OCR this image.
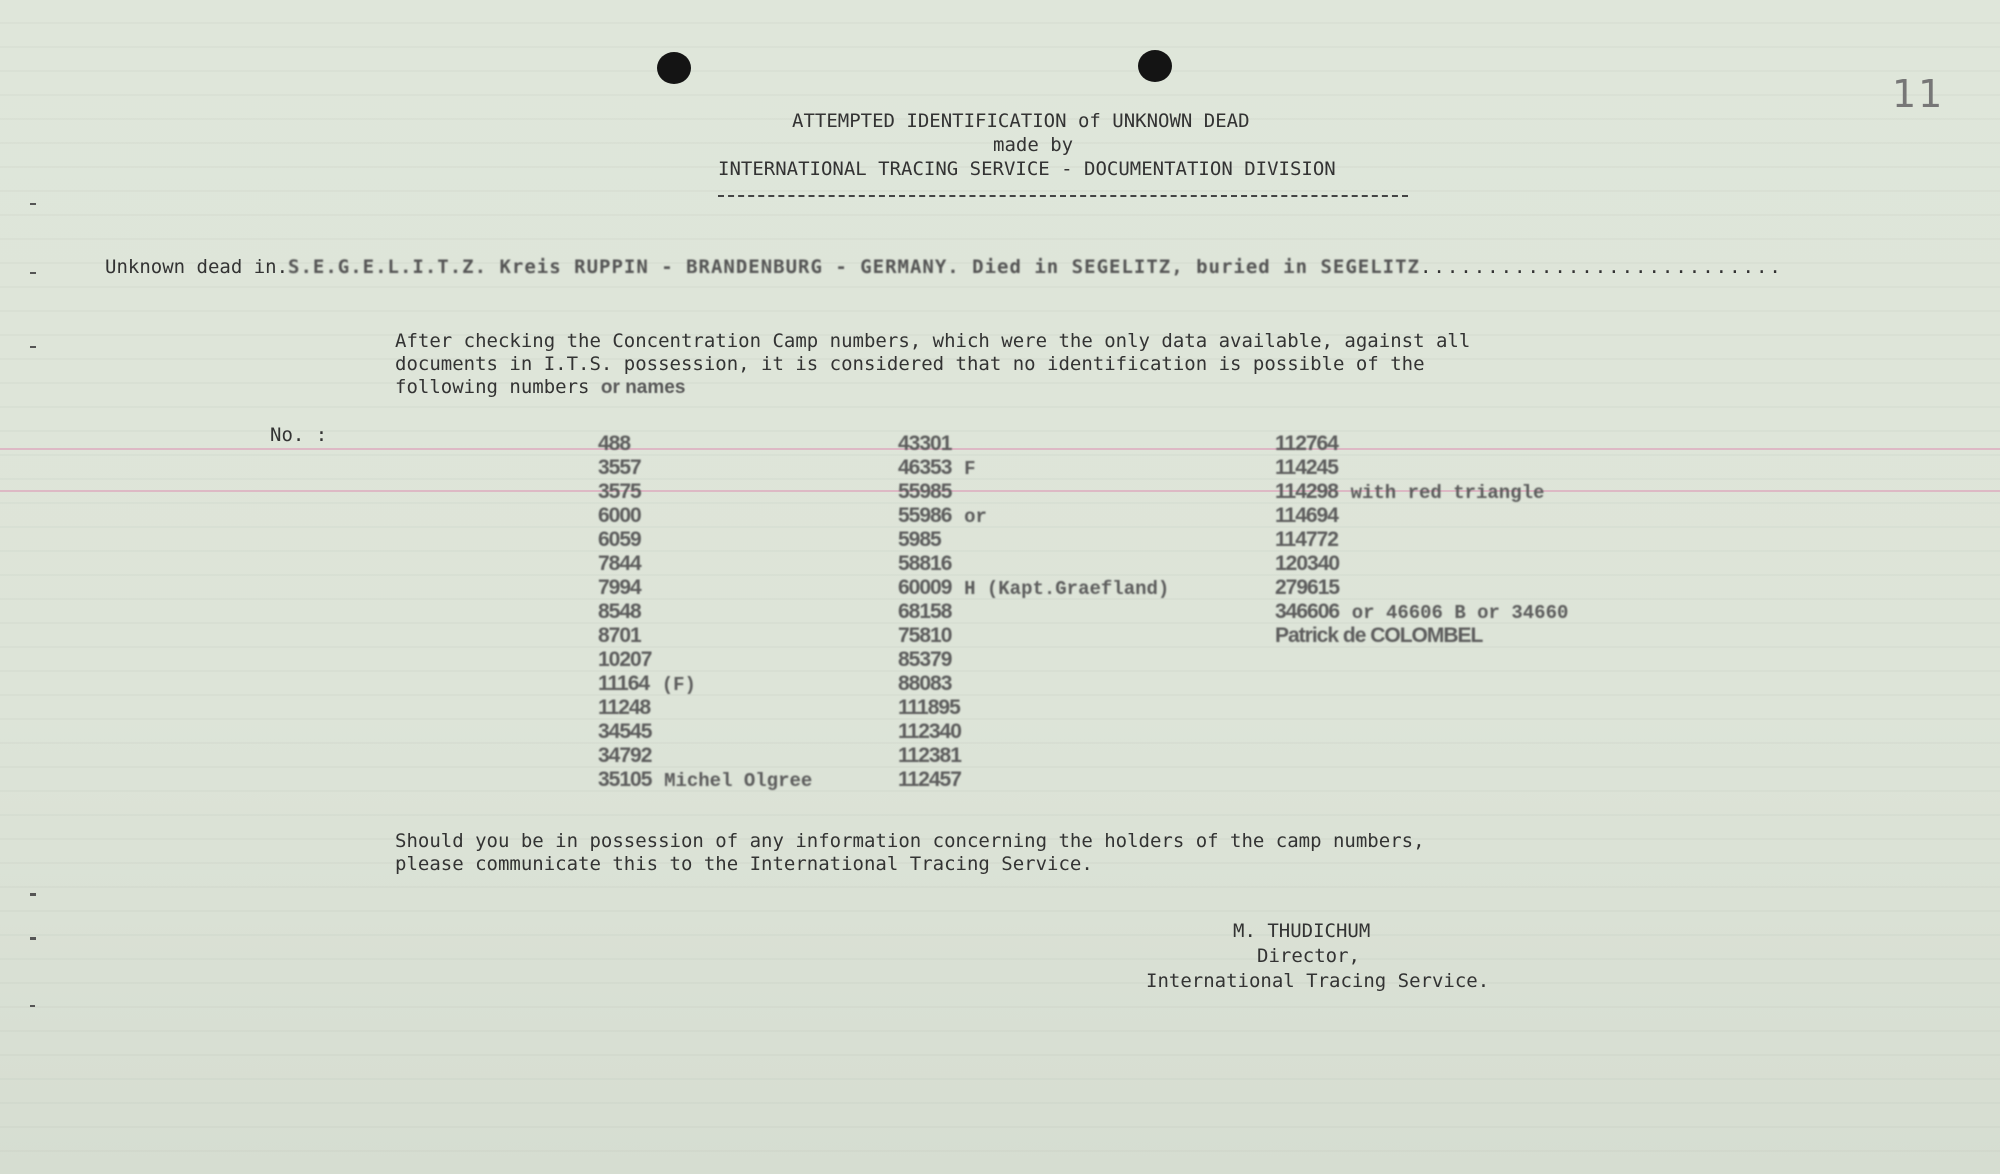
11
ATTEMPTED IDENTIFICATION of UNKNOWN DEAD
made by
INTERNATIONAL TRACING SERVICE - DOCUMENTATION DIVISION
Unknown dead in.S.E.G.E.L.I.T.Z. Kreis RUPPIN - BRANDENBURG - GERMANY. Died in SEGELITZ, buried in SEGELITZ...........................
After checking the Concentration Camp numbers, which were the only data available, against all
documents in I.T.S. possession, it is considered that no identification is possible of the
following numbers or names
No. :	488
3557
3575
6000
6059
7844
7994
8548
8701
10207
11164 (F)
11248
34545
34792
35105 Michel Olgree
43301
46353 F
55985
55986 or
5985
58816
60009 H (Kapt.Graefland)
68158
75810
85379
88083
111895
112340
112381
112457
112764
114245
114298 with red triangle
114694
114772
120340
279615
346606 or 46606 B or 34660
Patrick de COLOMBEL
Should you be in possession of any information concerning the holders of the camp numbers,
please communicate this to the International Tracing Service.
M. THUDICHUM
Director,
International Tracing Service.
